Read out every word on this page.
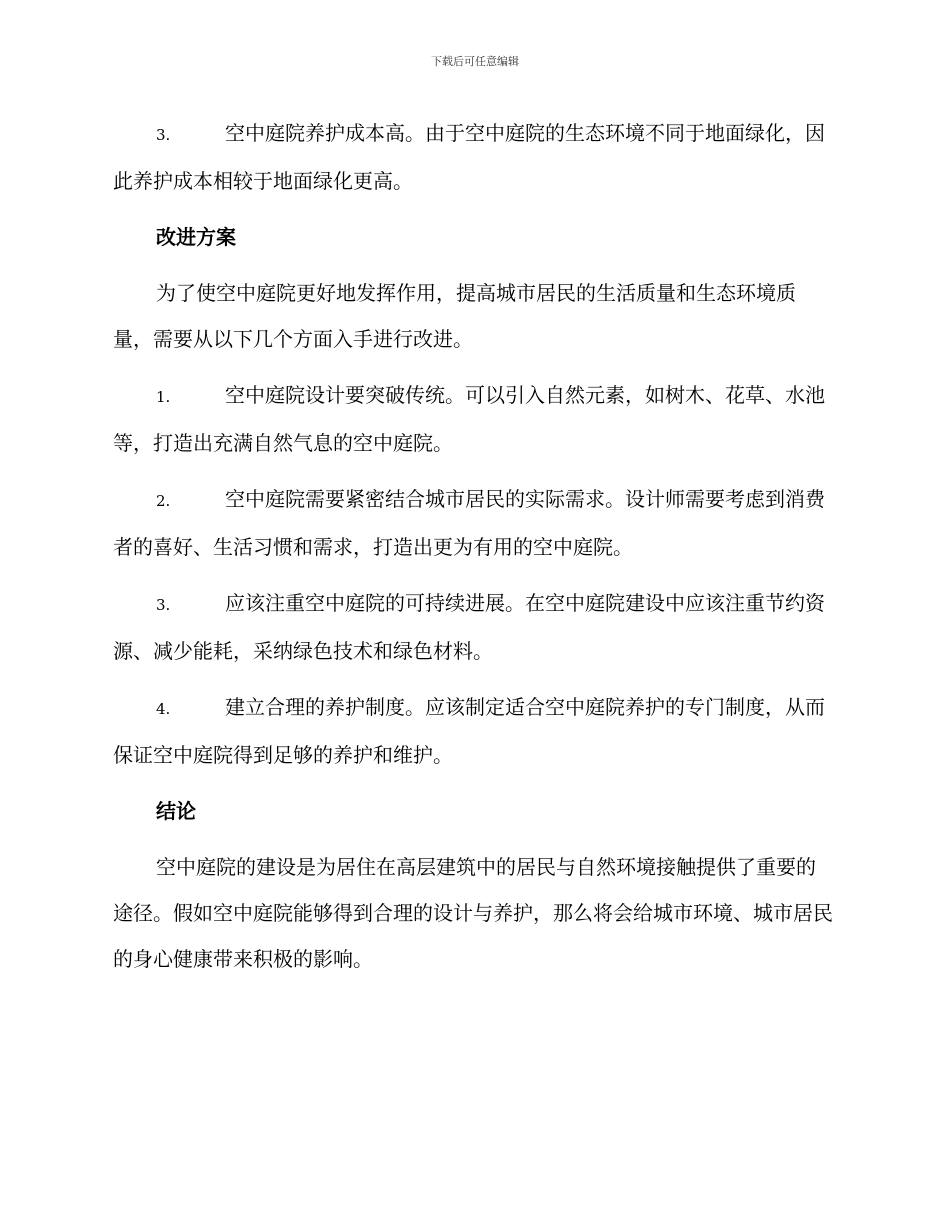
下载后可任意编辑

3.	空中庭院养护成本高。由于空中庭院的生态环境不同于地面绿化，因此养护成本相较于地面绿化更高。

改进方案

为了使空中庭院更好地发挥作用，提高城市居民的生活质量和生态环境质量，需要从以下几个方面入手进行改进。

1.	空中庭院设计要突破传统。可以引入自然元素，如树木、花草、水池等，打造出充满自然气息的空中庭院。

2.	空中庭院需要紧密结合城市居民的实际需求。设计师需要考虑到消费者的喜好、生活习惯和需求，打造出更为有用的空中庭院。

3.	应该注重空中庭院的可持续进展。在空中庭院建设中应该注重节约资源、减少能耗，采纳绿色技术和绿色材料。

4.	建立合理的养护制度。应该制定适合空中庭院养护的专门制度，从而保证空中庭院得到足够的养护和维护。

结论

空中庭院的建设是为居住在高层建筑中的居民与自然环境接触提供了重要的途径。假如空中庭院能够得到合理的设计与养护，那么将会给城市环境、城市居民的身心健康带来积极的影响。
